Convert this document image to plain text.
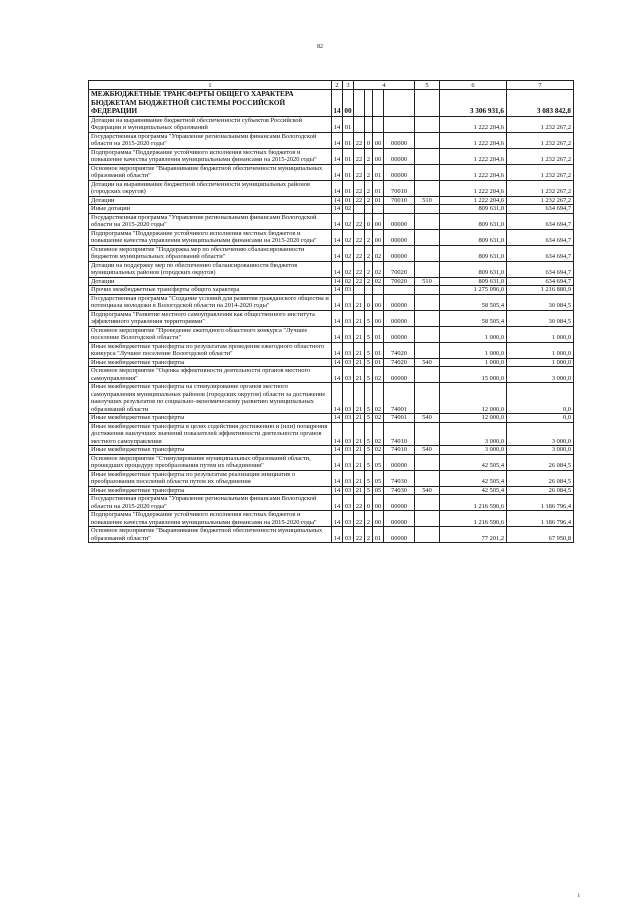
82
1	2	3	4				5	6	7
МЕЖБЮДЖЕТНЫЕ ТРАНСФЕРТЫ ОБЩЕГО ХАРАКТЕРА БЮДЖЕТАМ БЮДЖЕТНОЙ СИСТЕМЫ РОССИЙСКОЙ ФЕДЕРАЦИИ	14	00						3 306 931,6	3 083 842,8
Дотации на выравнивание бюджетной обеспеченности субъектов Российской Федерации и муниципальных образований	14	01						1 222 204,6	1 232 267,2
Государственная программа "Управление региональными финансами Вологодской области на 2015-2020 годы"	14	01	22	0	00	00000		1 222 204,6	1 232 267,2
Подпрограмма "Поддержание устойчивого исполнения местных бюджетов и повышение качества управления муниципальными финансами на 2015-2020 годы"	14	01	22	2	00	00000		1 222 204,6	1 232 267,2
Основное мероприятие "Выравнивание бюджетной обеспеченности муниципальных образований области"	14	01	22	2	01	00000		1 222 204,6	1 232 267,2
Дотации на выравнивание бюджетной обеспеченности муниципальных районов (городских округов)	14	01	22	2	01	70010		1 222 204,6	1 232 267,2
Дотации	14	01	22	2	01	70010	510	1 222 204,6	1 232 267,2
Иные дотации	14	02						809 631,0	634 694,7
Государственная программа "Управление региональными финансами Вологодской области на 2015-2020 годы"	14	02	22	0	00	00000		809 631,0	634 694,7
Подпрограмма "Поддержание устойчивого исполнения местных бюджетов и повышение качества управления муниципальными финансами на 2015-2020 годы"	14	02	22	2	00	00000		809 631,0	634 694,7
Основное мероприятие "Поддержка мер по обеспечению сбалансированности бюджетов муниципальных образований области"	14	02	22	2	02	00000		809 631,0	634 694,7
Дотации на поддержку мер по обеспечению сбалансированности бюджетов муниципальных районов (городских округов)	14	02	22	2	02	70020		809 631,0	634 694,7
Дотации	14	02	22	2	02	70020	510	809 631,0	634 694,7
Прочие межбюджетные трансферты общего характера	14	03						1 275 096,0	1 216 880,9
Государственная программа "Создание условий для развития гражданского общества и потенциала молодежи в Вологодской области на 2014-2020 годы"	14	03	21	0	00	00000		58 505,4	30 084,5
Подпрограмма "Развитие местного самоуправления как общественного института эффективного управления территориями"	14	03	21	5	00	00000		58 505,4	30 084,5
Основное мероприятие "Проведение ежегодного областного конкурса "Лучшее поселение Вологодской области"	14	03	21	5	01	00000		1 000,0	1 000,0
Иные межбюджетные трансферты по результатам проведения ежегодного областного конкурса "Лучшее поселение Вологодской области"	14	03	21	5	01	74020		1 000,0	1 000,0
Иные межбюджетные трансферты	14	03	21	5	01	74020	540	1 000,0	1 000,0
Основное мероприятие "Оценка эффективности деятельности органов местного самоуправления"	14	03	21	5	02	00000		15 000,0	3 000,0
Иные межбюджетные трансферты на стимулирование органов местного самоуправления муниципальных районов (городских округов) области за достижение наилучших результатов по социально-экономическому развитию муниципальных образований области	14	03	21	5	02	74001		12 000,0	0,0
Иные межбюджетные трансферты	14	03	21	5	02	74001	540	12 000,0	0,0
Иные межбюджетные трансферты в целях содействия достижению и (или) поощрения достижения наилучших значений показателей эффективности деятельности органов местного самоуправления	14	03	21	5	02	74010		3 000,0	3 000,0
Иные межбюджетные трансферты	14	03	21	5	02	74010	540	3 000,0	3 000,0
Основное мероприятие "Стимулирование муниципальных образований области, прошедших процедуру преобразования путем их объединения"	14	03	21	5	05	00000		42 505,4	26 084,5
Иные межбюджетные трансферты по результатам реализации инициатив о преобразовании поселений области путем их объединения	14	03	21	5	05	74030		42 505,4	26 084,5
Иные межбюджетные трансферты	14	03	21	5	05	74030	540	42 505,4	26 084,5
Государственная программа "Управление региональными финансами Вологодской области на 2015-2020 годы"	14	03	22	0	00	00000		1 216 590,6	1 186 796,4
Подпрограмма "Поддержание устойчивого исполнения местных бюджетов и повышение качества управления муниципальными финансами на 2015-2020 годы"	14	03	22	2	00	00000		1 216 590,6	1 186 796,4
Основное мероприятие "Выравнивание бюджетной обеспеченности муниципальных образований области"	14	03	22	2	01	00000		77 201,2	67 950,8
i
